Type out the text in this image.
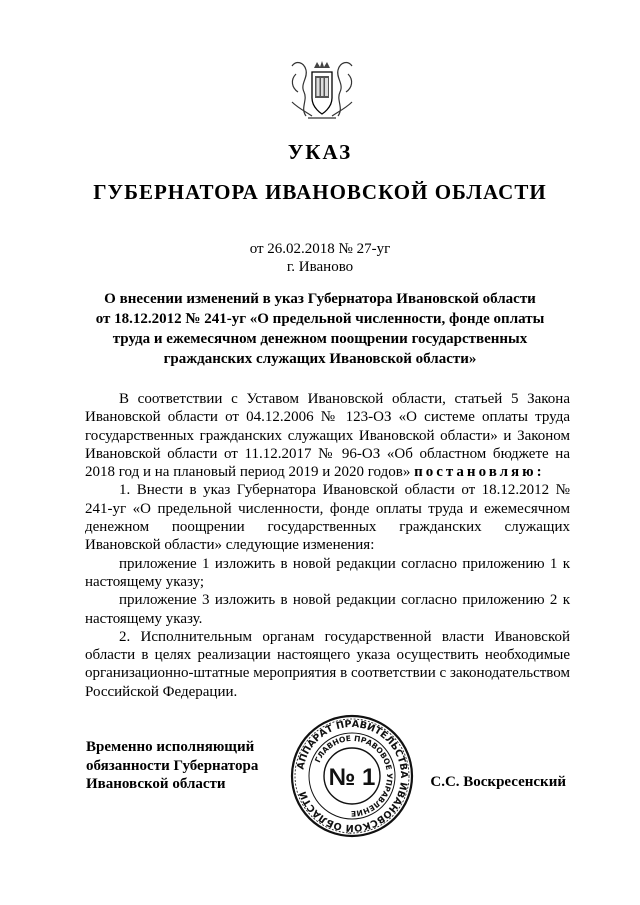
УКАЗ
ГУБЕРНАТОРА ИВАНОВСКОЙ ОБЛАСТИ
от 26.02.2018 № 27-уг
г. Иваново
О внесении изменений в указ Губернатора Ивановской области
от 18.12.2012 № 241-уг «О предельной численности, фонде оплаты
труда и ежемесячном денежном поощрении государственных
гражданских служащих Ивановской области»

В соответствии с Уставом Ивановской области, статьей 5 Закона Ивановской области от 04.12.2006 № 123-ОЗ «О системе оплаты труда государственных гражданских служащих Ивановской области» и Законом Ивановской области от 11.12.2017 № 96-ОЗ «Об областном бюджете на 2018 год и на плановый период 2019 и 2020 годов» постановляю:

1. Внести в указ Губернатора Ивановской области от 18.12.2012 № 241-уг «О предельной численности, фонде оплаты труда и ежемесячном денежном поощрении государственных гражданских служащих Ивановской области» следующие изменения:

приложение 1 изложить в новой редакции согласно приложению 1 к настоящему указу;

приложение 3 изложить в новой редакции согласно приложению 2 к настоящему указу.

2. Исполнительным органам государственной власти Ивановской области в целях реализации настоящего указа осуществить необходимые организационно-штатные мероприятия в соответствии с законодательством Российской Федерации.

Временно исполняющий
обязанности Губернатора
Ивановской области
АППАРАТ ПРАВИТЕЛЬСТВА ИВАНОВСКОЙ ОБЛАСТИ
ГЛАВНОЕ ПРАВОВОЕ УПРАВЛЕНИЕ
№ 1	С.С. Воскресенский
